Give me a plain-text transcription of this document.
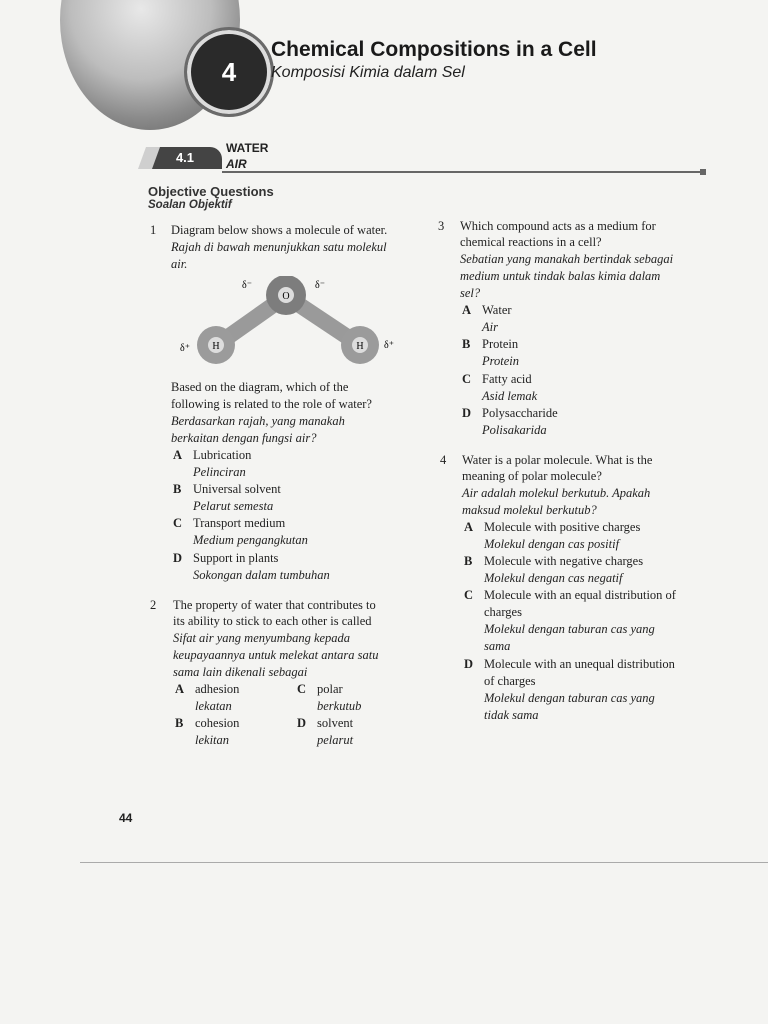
4
Chemical Compositions in a Cell
Komposisi Kimia dalam Sel
4.1
WATER
AIR
Objective Questions
Soalan Objektif
1 Diagram below shows a molecule of water.
Rajah di bawah menunjukkan satu molekul
air.
O
H	H
δ⁻	δ⁻
δ⁺	δ⁺
Based on the diagram, which of the
following is related to the role of water?
Berdasarkan rajah, yang manakah
berkaitan dengan fungsi air?
A Lubrication
Pelinciran
B Universal solvent
Pelarut semesta
C Transport medium
Medium pengangkutan
D Support in plants
Sokongan dalam tumbuhan
2 The property of water that contributes to
its ability to stick to each other is called
Sifat air yang menyumbang kepada
keupayaannya untuk melekat antara satu
sama lain dikenali sebagai
A adhesion
lekatan
C polar
berkutub
B cohesion
lekitan
D solvent
pelarut
3 Which compound acts as a medium for
chemical reactions in a cell?
Sebatian yang manakah bertindak sebagai
medium untuk tindak balas kimia dalam
sel?
A Water
Air
B Protein
Protein
C Fatty acid
Asid lemak
D Polysaccharide
Polisakarida
4 Water is a polar molecule. What is the
meaning of polar molecule?
Air adalah molekul berkutub. Apakah
maksud molekul berkutub?
A Molecule with positive charges
Molekul dengan cas positif
B Molecule with negative charges
Molekul dengan cas negatif
C Molecule with an equal distribution of
charges
Molekul dengan taburan cas yang
sama
D Molecule with an unequal distribution
of charges
Molekul dengan taburan cas yang
tidak sama
44
